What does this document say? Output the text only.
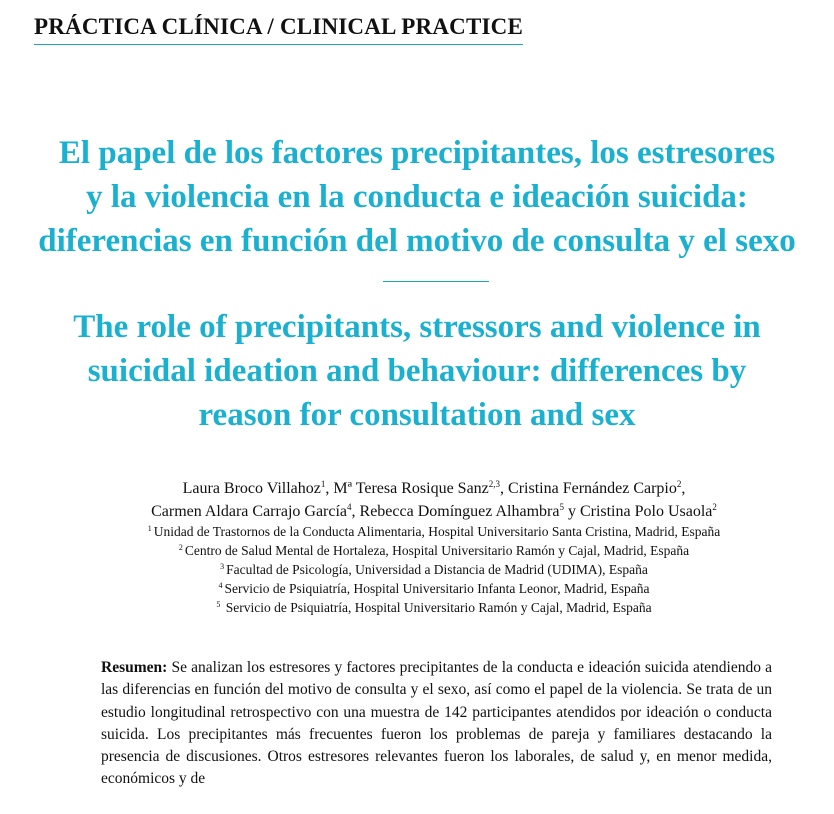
PRÁCTICA CLÍNICA / CLINICAL PRACTICE
El papel de los factores precipitantes, los estresores
y la violencia en la conducta e ideación suicida:
diferencias en función del motivo de consulta y el sexo
The role of precipitants, stressors and violence in
suicidal ideation and behaviour: differences by
reason for consultation and sex
Laura Broco Villahoz$^1$, Mª Teresa Rosique Sanz$^{2,3}$, Cristina Fernández Carpio$^2$,
Carmen Aldara Carrajo García$^4$, Rebecca Domínguez Alhambra$^5$ y Cristina Polo Usaola$^2$
$^1$ Unidad de Trastornos de la Conducta Alimentaria, Hospital Universitario Santa Cristina, Madrid, España
$^2$ Centro de Salud Mental de Hortaleza, Hospital Universitario Ramón y Cajal, Madrid, España
$^3$ Facultad de Psicología, Universidad a Distancia de Madrid (UDIMA), España
$^4$ Servicio de Psiquiatría, Hospital Universitario Infanta Leonor, Madrid, España
$^5$ Servicio de Psiquiatría, Hospital Universitario Ramón y Cajal, Madrid, España
Resumen: Se analizan los estresores y factores precipitantes de la conducta e ideación suicida atendiendo a las diferencias en función del motivo de consulta y el sexo, así como el papel de la violencia. Se trata de un estudio longitudinal retrospectivo con una muestra de 142 participantes atendidos por ideación o conducta suicida. Los precipitantes más frecuentes fueron los problemas de pareja y familiares destacando la presencia de discusiones. Otros estresores relevantes fueron los laborales, de salud y, en menor medida, económicos y de
